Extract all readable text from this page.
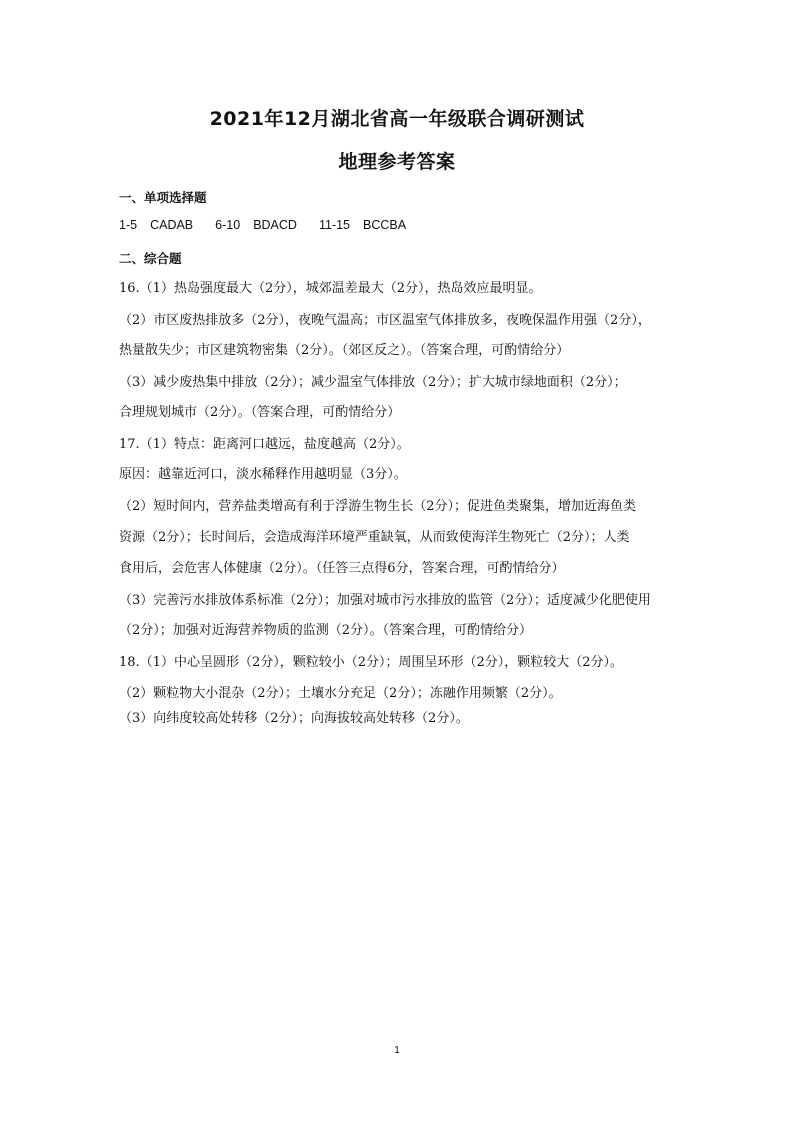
2021年12月湖北省高一年级联合调研测试
地理参考答案
一、单项选择题
1-5 CADAB 6-10 BDACD 11-15 BCCBA
二、综合题
16.（1）热岛强度最大（2分），城郊温差最大（2分），热岛效应最明显。
（2）市区废热排放多（2分），夜晚气温高；市区温室气体排放多，夜晚保温作用强（2分），
热量散失少；市区建筑物密集（2分）。（郊区反之）。（答案合理，可酌情给分）
（3）减少废热集中排放（2分）；减少温室气体排放（2分）；扩大城市绿地面积（2分）；
合理规划城市（2分）。（答案合理，可酌情给分）
17.（1）特点：距离河口越远，盐度越高（2分）。
原因：越靠近河口，淡水稀释作用越明显（3分）。
（2）短时间内，营养盐类增高有利于浮游生物生长（2分）；促进鱼类聚集，增加近海鱼类
资源（2分）；长时间后，会造成海洋环境严重缺氧，从而致使海洋生物死亡（2分）；人类
食用后，会危害人体健康（2分）。（任答三点得6分，答案合理，可酌情给分）
（3）完善污水排放体系标准（2分）；加强对城市污水排放的监管（2分）；适度减少化肥使用
（2分）；加强对近海营养物质的监测（2分）。（答案合理，可酌情给分）
18.（1）中心呈圆形（2分），颗粒较小（2分）；周围呈环形（2分），颗粒较大（2分）。
（2）颗粒物大小混杂（2分）；土壤水分充足（2分）；冻融作用频繁（2分）。
（3）向纬度较高处转移（2分）；向海拔较高处转移（2分）。
1
